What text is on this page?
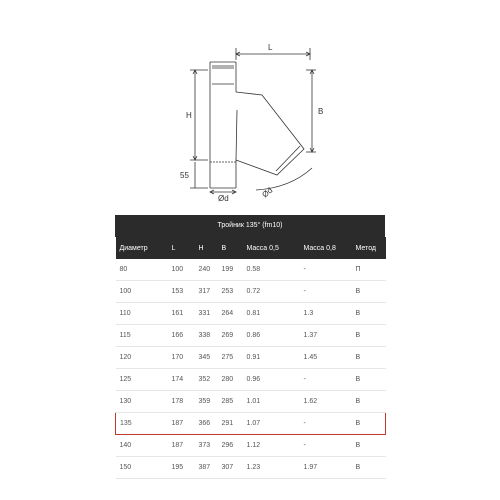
L
H	B
55
Ød	Ød
Тройник 135° (fm10)
Диаметр	L	H	B	Масса 0,5	Масса 0,8	Метод
80	100	240	199	0.58	-	П
100	153	317	253	0.72	-	В
110	161	331	264	0.81	1.3	В
115	166	338	269	0.86	1.37	В
120	170	345	275	0.91	1.45	В
125	174	352	280	0.96	-	В
130	178	359	285	1.01	1.62	В
135	187	366	291	1.07	-	В
140	187	373	296	1.12	-	В
150	195	387	307	1.23	1.97	В
